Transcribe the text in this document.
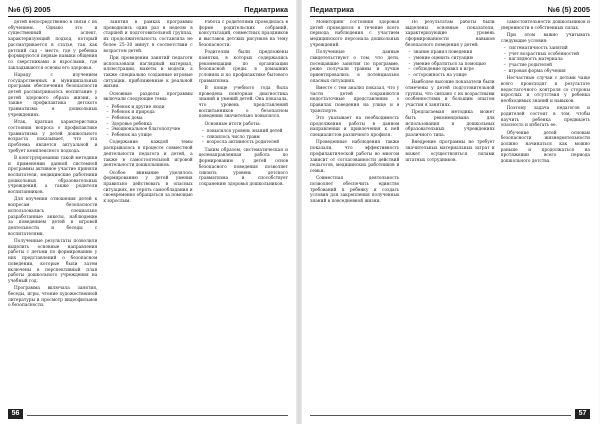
№6 (5) 2005	Педиатрика

детей непосредственно в связи с их обучением. Однако это и существенный аспект, характеризующий подход, который рассматривается в статье, так как детский сад – место, где у ребенка формируются первые навыки общения со сверстниками и взрослыми, где закладываются основы его здоровья.

Наряду с изучением государственных и муниципальных программ обеспечения безопасности детей рассматривалось воспитание у детей здорового образа жизни, а также профилактика детского травматизма в дошкольных учреждениях.

Итак, краткая характеристика состояния вопроса о профилактике травматизма у детей дошкольного возраста показывает, что эта проблема является актуальной и требует комплексного подхода.

В конструировании такой методики и применении данной системной программы активное участие приняли воспитатели, медицинские работники дошкольных образовательных учреждений, а также родители воспитанников.

Для изучения отношения детей к вопросам безопасности использовались специально разработанные анкеты, наблюдение за поведением детей в игровой деятельности и беседы с воспитателями.

Полученные результаты позволили выделить основные направления работы с детьми по формированию у них представлений о безопасном поведении, которые были затем включены в перспективный план работы дошкольного учреждения на учебный год.

Программа включала занятия, беседы, игры, чтение художественной литературы и просмотр видеофильмов о безопасности.

Занятия в рамках программы проводились один раз в неделю в старшей и подготовительной группах, их продолжительность составляла не более 25–30 минут в соответствии с возрастом детей.

При проведении занятий педагоги использовали наглядный материал, иллюстрации, макеты и модели, а также специально созданные игровые ситуации, приближенные к реальной жизни.

Основные разделы программы включали следующие темы:

– Ребенок и другие люди
– Ребенок и природа
– Ребенок дома
– Здоровье ребенка
– Эмоциональное благополучие
– Ребенок на улице

Содержание каждой темы раскрывалось в процессе совместной деятельности педагога и детей, а также в самостоятельной игровой деятельности дошкольников.

Особое внимание уделялось формированию у детей умения правильно действовать в опасных ситуациях, не терять самообладания и своевременно обращаться за помощью к взрослым.

Работа с родителями проводилась в форме родительских собраний, консультаций, совместных праздников и выставок детских рисунков на тему безопасности.

Родителям были предложены памятки, в которых содержались рекомендации по организации безопасной среды в домашних условиях и по профилактике бытового травматизма.

В конце учебного года была проведена повторная диагностика знаний и умений детей. Она показала, что уровень представлений воспитанников о безопасном поведении значительно повысился.

Основные итоги работы:

– повысился уровень знаний детей
– снизилось число травм
– возросла активность родителей

Таким образом, систематическая и целенаправленная работа по формированию у детей основ безопасного поведения позволяет снизить уровень детского травматизма и способствует сохранению здоровья дошкольников.

56
Педиатрика	№6 (5) 2005

Мониторинг состояния здоровья детей проводился в течение всего периода наблюдения с участием медицинского персонала дошкольных учреждений.

Полученные данные свидетельствуют о том, что дети, посещавшие занятия по программе, реже получали травмы и лучше ориентировались в потенциально опасных ситуациях.

Вместе с тем анализ показал, что у части детей сохраняются недостаточные представления о правилах поведения на улице и в транспорте.

Это указывает на необходимость продолжения работы в данном направлении и привлечения к ней специалистов различного профиля.

Проведенные наблюдения также показали, что эффективность профилактической работы во многом зависит от согласованности действий педагогов, медицинских работников и семьи.

Совместная деятельность позволяет обеспечить единство требований к ребенку и создать условия для закрепления полученных знаний в повседневной жизни.

По результатам работы были выделены основные показатели, характеризующие уровень сформированности навыков безопасного поведения у детей:

– знание правил поведения
– умение оценить ситуацию
– умение обратиться за помощью
– соблюдение правил в игре
– осторожность на улице

Наиболее высокие показатели были отмечены у детей подготовительной группы, что связано с их возрастными особенностями и большим опытом участия в занятиях.

Предлагаемая методика может быть рекомендована для использования в дошкольных образовательных учреждениях различного типа.

Внедрение программы не требует значительных материальных затрат и может осуществляться силами штатных сотрудников.

самостоятельности дошкольников и уверенности в собственных силах.

При этом важно учитывать следующие условия:

– систематичность занятий
– учет возрастных особенностей
– наглядность материала
– участие родителей
– игровая форма обучения

Несчастные случаи с детьми чаще всего происходят в результате недостаточного контроля со стороны взрослых и отсутствия у ребенка необходимых знаний и навыков.

Поэтому задача педагогов и родителей состоит в том, чтобы научить ребенка предвидеть опасность и избегать ее.

Обучение детей основам безопасности жизнедеятельности должно начинаться как можно раньше и продолжаться на протяжении всего периода дошкольного детства.

57
